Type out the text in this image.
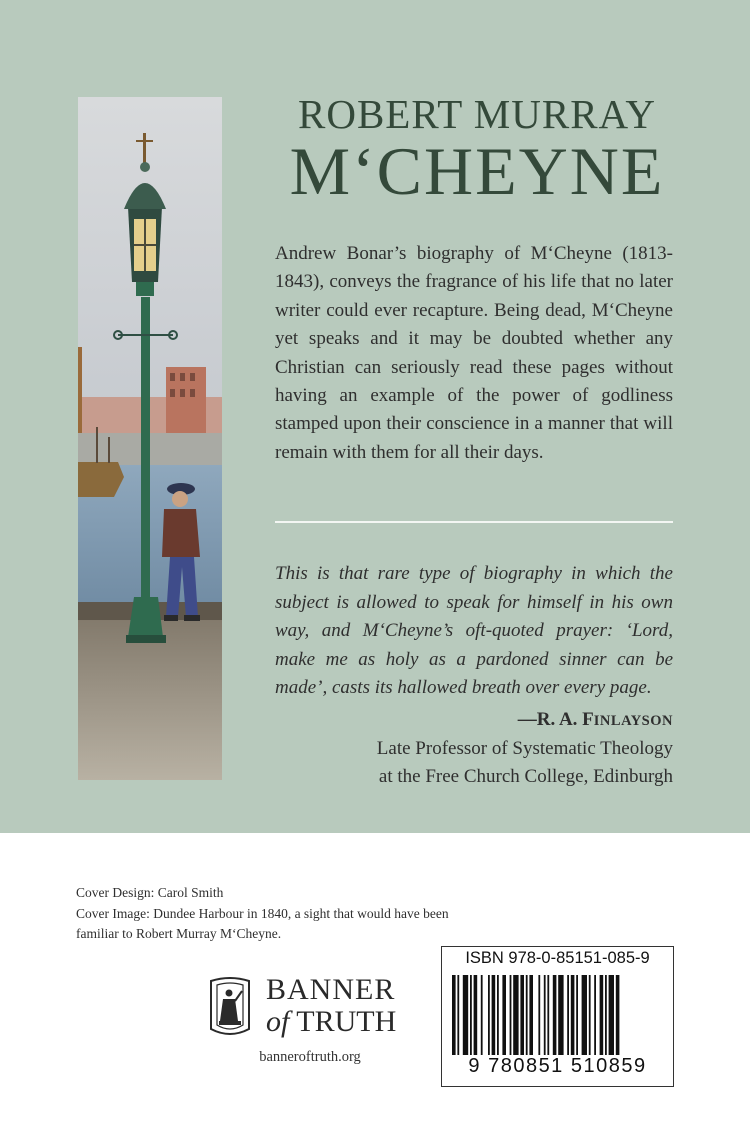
ROBERT MURRAY
M‘CHEYNE
Andrew Bonar’s biography of M‘Cheyne (1813-1843), conveys the fragrance of his life that no later writer could ever recapture. Being dead, M‘Cheyne yet speaks and it may be doubted whether any Christian can seriously read these pages without having an example of the power of godliness stamped upon their conscience in a manner that will remain with them for all their days.
This is that rare type of biography in which the subject is allowed to speak for himself in his own way, and M‘Cheyne’s oft-quoted prayer: ‘Lord, make me as holy as a pardoned sinner can be made’, casts its hallowed breath over every page.
—R. A. FINLAYSON
Late Professor of Systematic Theology
at the Free Church College, Edinburgh
Cover Design: Carol Smith
Cover Image: Dundee Harbour in 1840, a sight that would have been familiar to Robert Murray M‘Cheyne.
BANNER
of TRUTH
banneroftruth.org
ISBN 978-0-85151-085-9
9 780851 510859
